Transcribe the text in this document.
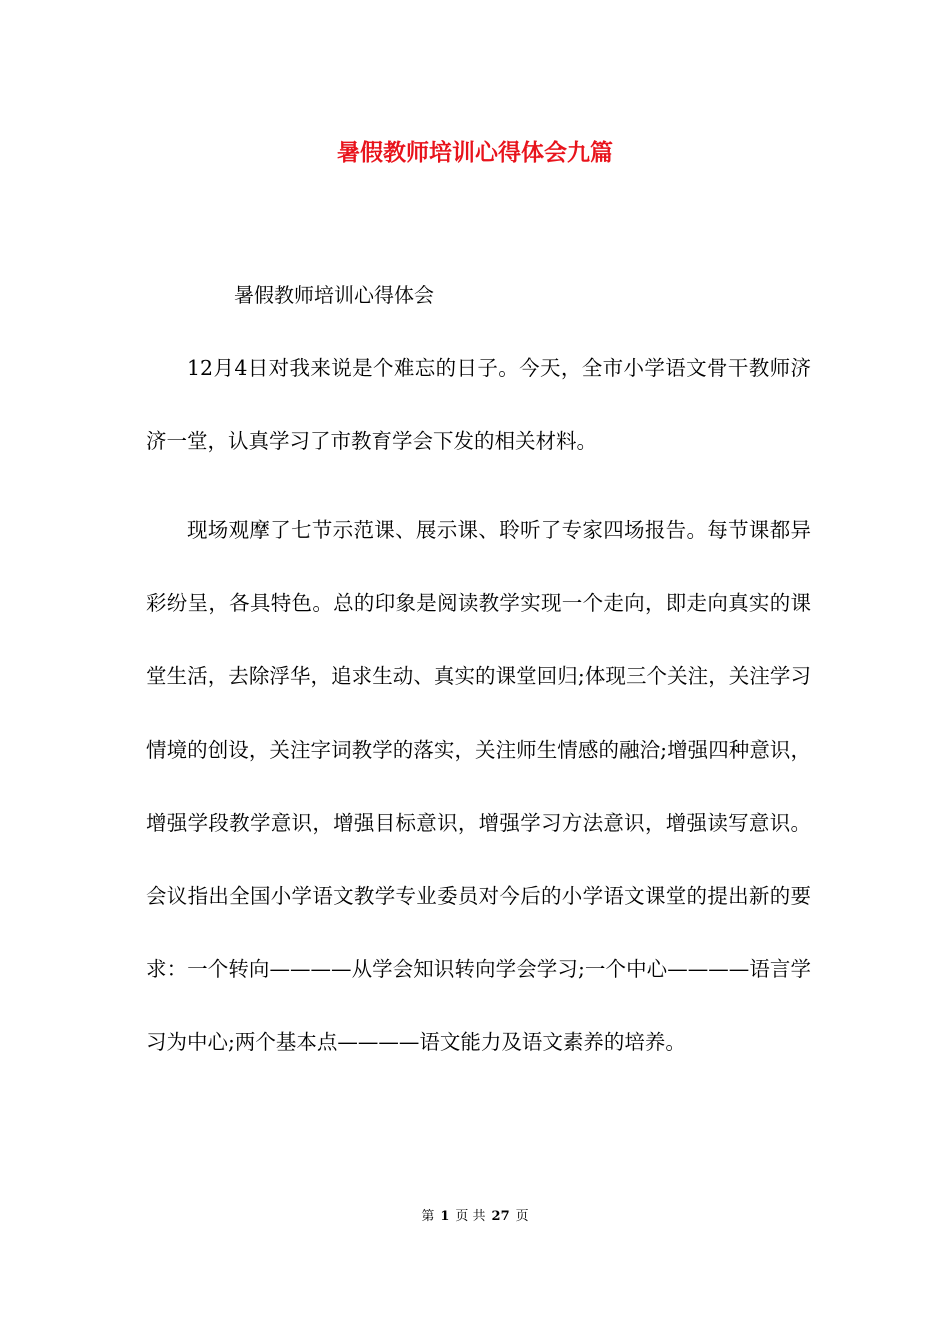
暑假教师培训心得体会九篇
暑假教师培训心得体会

12月4日对我来说是个难忘的日子。今天，全市小学语文骨干教师济济一堂，认真学习了市教育学会下发的相关材料。

现场观摩了七节示范课、展示课、聆听了专家四场报告。每节课都异彩纷呈，各具特色。总的印象是阅读教学实现一个走向，即走向真实的课堂生活，去除浮华，追求生动、真实的课堂回归;体现三个关注，关注学习情境的创设，关注字词教学的落实，关注师生情感的融洽;增强四种意识，增强学段教学意识，增强目标意识，增强学习方法意识，增强读写意识。会议指出全国小学语文教学专业委员对今后的小学语文课堂的提出新的要求：一个转向————从学会知识转向学会学习;一个中心————语言学习为中心;两个基本点————语文能力及语文素养的培养。

第 1 页 共 27 页
